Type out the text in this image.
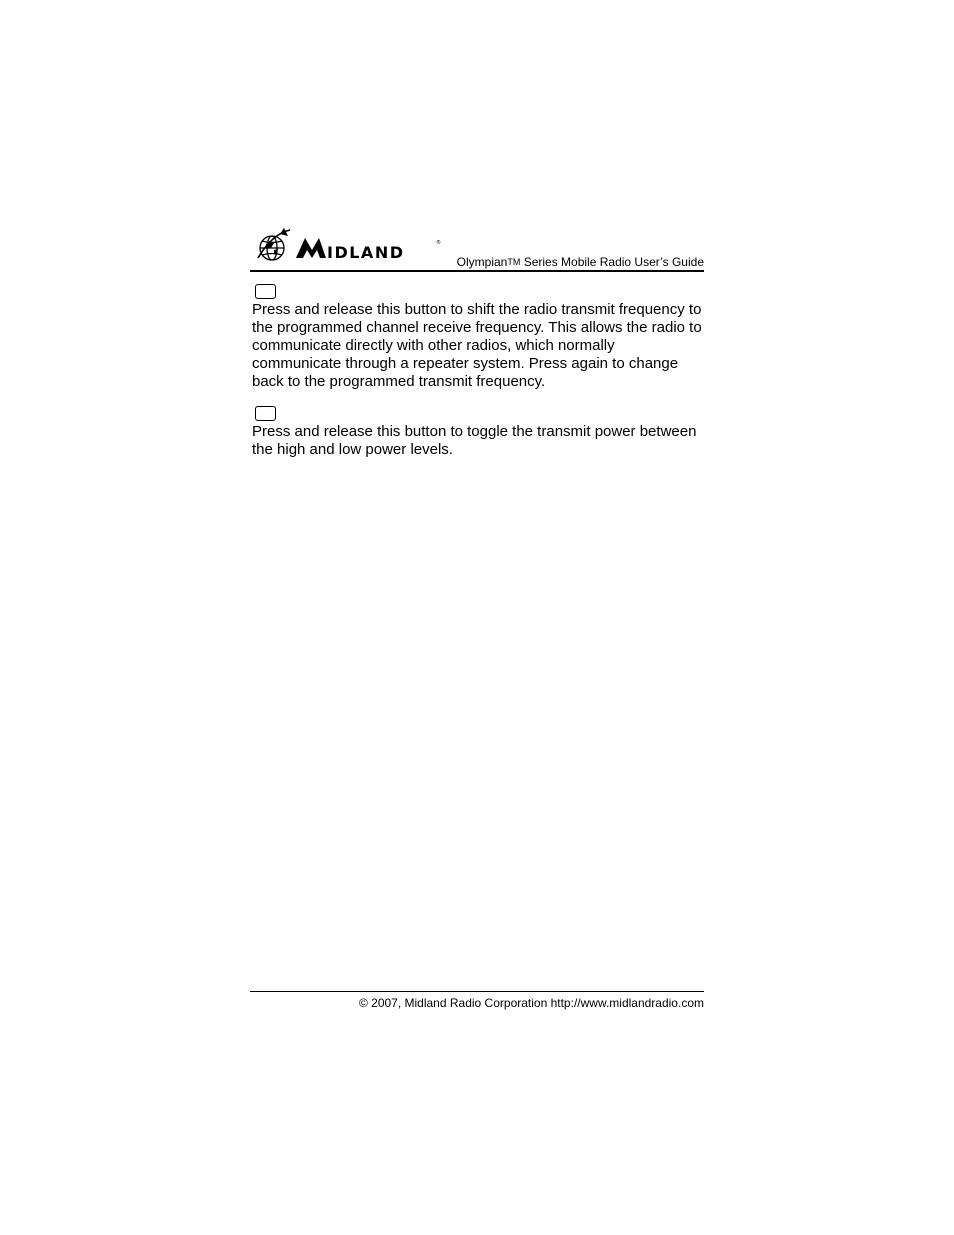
IDLAND	®
OlympianTM Series Mobile Radio User’s Guide

Press and release this button to shift the radio transmit frequency to the programmed channel receive frequency. This allows the radio to communicate directly with other radios, which normally communicate through a repeater system. Press again to change back to the programmed transmit frequency.

Press and release this button to toggle the transmit power between the high and low power levels.

© 2007, Midland Radio Corporation http://www.midlandradio.com
